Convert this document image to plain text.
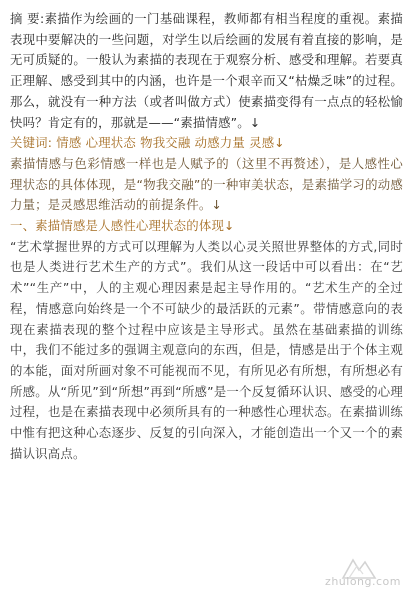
摘 要:素描作为绘画的一门基础课程，教师都有相当程度的重视。素描表现中要解决的一些问题，对学生以后绘画的发展有着直接的影响，是无可质疑的。一般认为素描的表现在于观察分析、感受和理解。若要真正理解、感受到其中的内涵，也许是一个艰辛而又“枯燥乏味”的过程。那么，就没有一种方法（或者叫做方式）使素描变得有一点点的轻松愉快吗？肯定有的，那就是——“素描情感”。↓

关键词: 情感 心理状态 物我交融 动感力量 灵感↓

素描情感与色彩情感一样也是人赋予的（这里不再赘述），是人感性心理状态的具体体现，是“物我交融”的一种审美状态，是素描学习的动感力量；是灵感思维活动的前提条件。↓

一、素描情感是人感性心理状态的体现↓

“艺术掌握世界的方式可以理解为人类以心灵关照世界整体的方式,同时也是人类进行艺术生产的方式”。我们从这一段话中可以看出：在“艺术”“生产”中，人的主观心理因素是起主导作用的。“艺术生产的全过程，情感意向始终是一个不可缺少的最活跃的元素”。带情感意向的表现在素描表现的整个过程中应该是主导形式。虽然在基础素描的训练中，我们不能过多的强调主观意向的东西，但是，情感是出于个体主观的本能，面对所画对象不可能视而不见，有所见必有所想，有所想必有所感。从“所见”到“所想”再到“所感”是一个反复循环认识、感受的心理过程，也是在素描表现中必须所具有的一种感性心理状态。在素描训练中惟有把这种心态逐步、反复的引向深入，才能创造出一个又一个的素描认识高点。

zhulong.com
